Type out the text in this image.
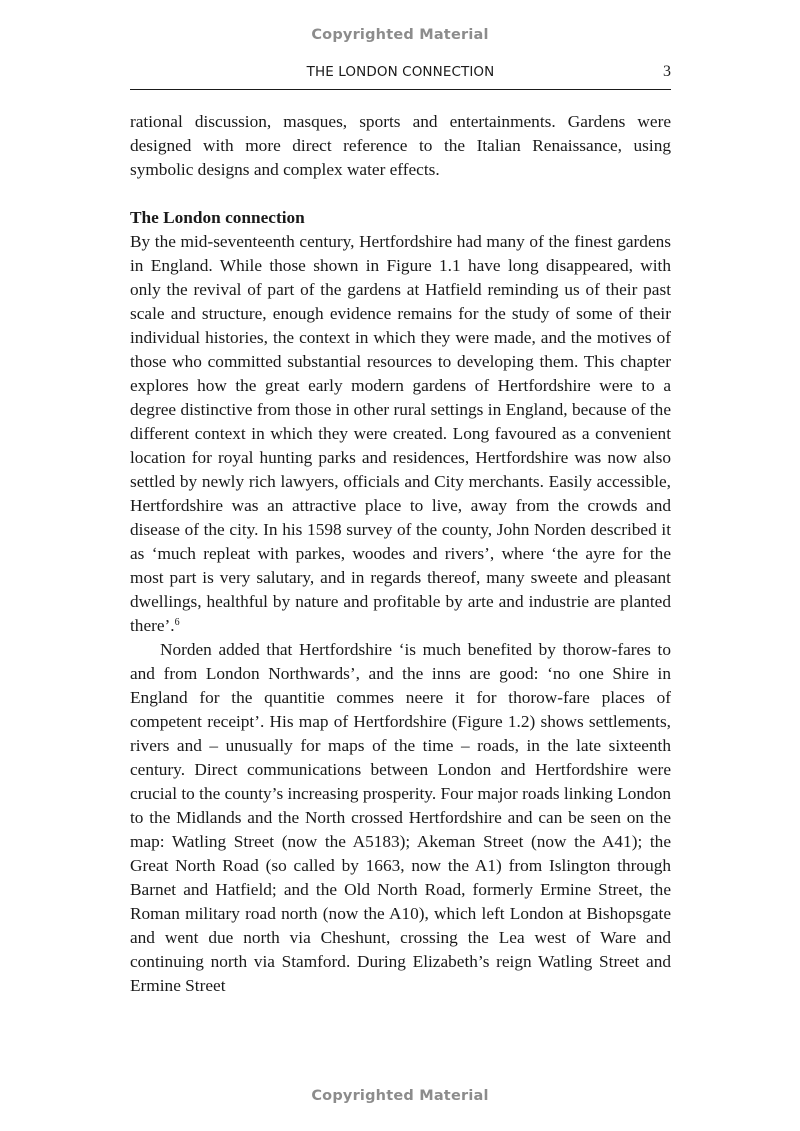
Copyrighted Material
THE LONDON CONNECTION	3

rational discussion, masques, sports and entertainments. Gardens were designed with more direct reference to the Italian Renaissance, using symbolic designs and complex water effects.

The London connection

By the mid-seventeenth century, Hertfordshire had many of the finest gardens in England. While those shown in Figure 1.1 have long disappeared, with only the revival of part of the gardens at Hatfield reminding us of their past scale and structure, enough evidence remains for the study of some of their individual histories, the context in which they were made, and the motives of those who committed substantial resources to developing them. This chapter explores how the great early modern gardens of Hertfordshire were to a degree distinctive from those in other rural settings in England, because of the different context in which they were created. Long favoured as a convenient location for royal hunting parks and residences, Hertfordshire was now also settled by newly rich lawyers, officials and City merchants. Easily accessible, Hertfordshire was an attractive place to live, away from the crowds and disease of the city. In his 1598 survey of the county, John Norden described it as ‘much repleat with parkes, woodes and rivers’, where ‘the ayre for the most part is very salutary, and in regards thereof, many sweete and pleasant dwellings, healthful by nature and profitable by arte and industrie are planted there’.$^6$

Norden added that Hertfordshire ‘is much benefited by thorow-fares to and from London Northwards’, and the inns are good: ‘no one Shire in England for the quantitie commes neere it for thorow-fare places of competent receipt’. His map of Hertfordshire (Figure 1.2) shows settlements, rivers and – unusually for maps of the time – roads, in the late sixteenth century. Direct communications between London and Hertfordshire were crucial to the county’s increasing prosperity. Four major roads linking London to the Midlands and the North crossed Hertfordshire and can be seen on the map: Watling Street (now the A5183); Akeman Street (now the A41); the Great North Road (so called by 1663, now the A1) from Islington through Barnet and Hatfield; and the Old North Road, formerly Ermine Street, the Roman military road north (now the A10), which left London at Bishopsgate and went due north via Cheshunt, crossing the Lea west of Ware and continuing north via Stamford. During Elizabeth’s reign Watling Street and Ermine Street

Copyrighted Material
